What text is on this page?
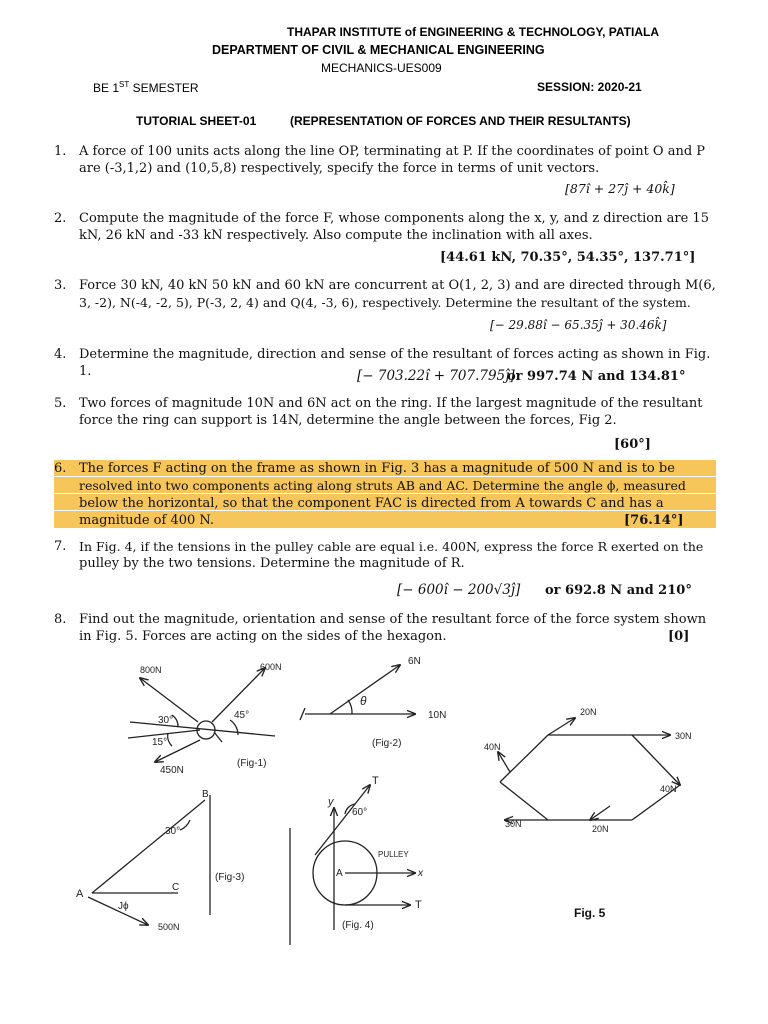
THAPAR INSTITUTE of ENGINEERING & TECHNOLOGY, PATIALA
DEPARTMENT OF CIVIL & MECHANICAL ENGINEERING
MECHANICS-UES009
BE 1ST SEMESTER	SESSION: 2020-21
TUTORIAL SHEET-01	(REPRESENTATION OF FORCES AND THEIR RESULTANTS)
1. A force of 100 units acts along the line OP, terminating at P. If the coordinates of point O and P
are (-3,1,2) and (10,5,8) respectively, specify the force in terms of unit vectors.
[87î + 27ĵ + 40k̂]
2. Compute the magnitude of the force F, whose components along the x, y, and z direction are 15
kN, 26 kN and -33 kN respectively. Also compute the inclination with all axes.
[44.61 kN, 70.35°, 54.35°, 137.71°]
3. Force 30 kN, 40 kN 50 kN and 60 kN are concurrent at O(1, 2, 3) and are directed through M(6,
3, -2), N(-4, -2, 5), P(-3, 2, 4) and Q(4, -3, 6), respectively. Determine the resultant of the system.
[− 29.88î − 65.35ĵ + 30.46k̂]
4. Determine the magnitude, direction and sense of the resultant of forces acting as shown in Fig.
1.	[− 703.22î + 707.795ĵ]
or 997.74 N and 134.81°
5. Two forces of magnitude 10N and 6N act on the ring. If the largest magnitude of the resultant
force the ring can support is 14N, determine the angle between the forces, Fig 2.
[60°]
6. The forces F acting on the frame as shown in Fig. 3 has a magnitude of 500 N and is to be
resolved into two components acting along struts AB and AC. Determine the angle ϕ, measured
below the horizontal, so that the component FAC is directed from A towards C and has a
magnitude of 400 N.	[76.14°]
7. In Fig. 4, if the tensions in the pulley cable are equal i.e. 400N, express the force R exerted on the
pulley by the two tensions. Determine the magnitude of R.
[− 600î − 200√3ĵ] or 692.8 N and 210°
8. Find out the magnitude, orientation and sense of the resultant force of the force system shown
in Fig. 5. Forces are acting on the sides of the hexagon.	[0]
800N	600N
450N
30°
15°
45°
(Fig-1)
6N
10N
θ
(Fig-2)
A
B
C
500N
30°
Jϕ
(Fig-3)
y
T
60°
PULLEY
A	x
T
(Fig. 4)
20N
30N
40N
40N
30N	20N
Fig. 5
